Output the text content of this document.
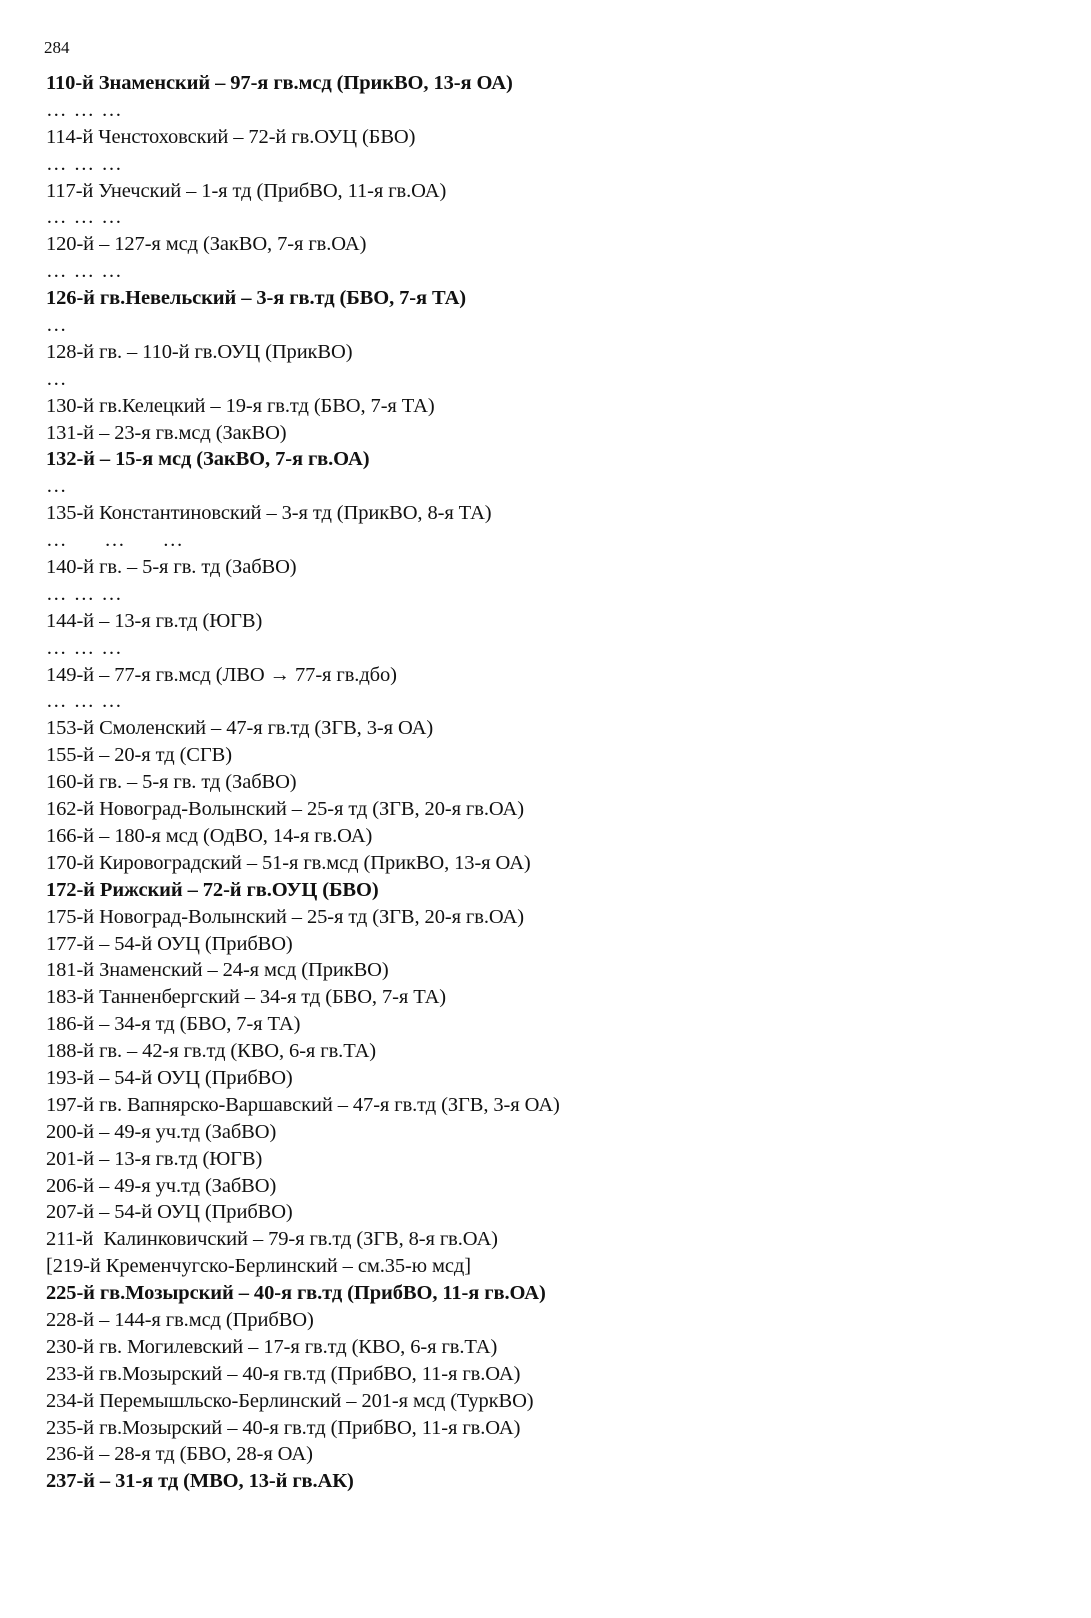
284
110-й Знаменский – 97-я гв.мсд (ПрикВО, 13-я ОА)
… … …
114-й Ченстоховский – 72-й гв.ОУЦ (БВО)
… … …
117-й Унечский – 1-я тд (ПрибВО, 11-я гв.ОА)
… … …
120-й – 127-я мсд (ЗакВО, 7-я гв.ОА)
… … …
126-й гв.Невельский – 3-я гв.тд (БВО, 7-я ТА)
…
128-й гв. – 110-й гв.ОУЦ (ПрикВО)
…
130-й гв.Келецкий – 19-я гв.тд (БВО, 7-я ТА)
131-й – 23-я гв.мсд (ЗакВО)
132-й – 15-я мсд (ЗакВО, 7-я гв.ОА)
…
135-й Константиновский – 3-я тд (ПрикВО, 8-я ТА)
…      …      …
140-й гв. – 5-я гв. тд (ЗабВО)
… … …
144-й – 13-я гв.тд (ЮГВ)
… … …
149-й – 77-я гв.мсд (ЛВО → 77-я гв.дбо)
… … …
153-й Смоленский – 47-я гв.тд (ЗГВ, 3-я ОА)
155-й – 20-я тд (СГВ)
160-й гв. – 5-я гв. тд (ЗабВО)
162-й Новоград-Волынский – 25-я тд (ЗГВ, 20-я гв.ОА)
166-й – 180-я мсд (ОдВО, 14-я гв.ОА)
170-й Кировоградский – 51-я гв.мсд (ПрикВО, 13-я ОА)
172-й Рижский – 72-й гв.ОУЦ (БВО)
175-й Новоград-Волынский – 25-я тд (ЗГВ, 20-я гв.ОА)
177-й – 54-й ОУЦ (ПрибВО)
181-й Знаменский – 24-я мсд (ПрикВО)
183-й Танненбергский – 34-я тд (БВО, 7-я ТА)
186-й – 34-я тд (БВО, 7-я ТА)
188-й гв. – 42-я гв.тд (КВО, 6-я гв.ТА)
193-й – 54-й ОУЦ (ПрибВО)
197-й гв. Вапнярско-Варшавский – 47-я гв.тд (ЗГВ, 3-я ОА)
200-й – 49-я уч.тд (ЗабВО)
201-й – 13-я гв.тд (ЮГВ)
206-й – 49-я уч.тд (ЗабВО)
207-й – 54-й ОУЦ (ПрибВО)
211-й  Калинковичский – 79-я гв.тд (ЗГВ, 8-я гв.ОА)
[219-й Кременчугско-Берлинский – см.35-ю мсд]
225-й гв.Мозырский – 40-я гв.тд (ПрибВО, 11-я гв.ОА)
228-й – 144-я гв.мсд (ПрибВО)
230-й гв. Могилевский – 17-я гв.тд (КВО, 6-я гв.ТА)
233-й гв.Мозырский – 40-я гв.тд (ПрибВО, 11-я гв.ОА)
234-й Перемышльско-Берлинский – 201-я мсд (ТуркВО)
235-й гв.Мозырский – 40-я гв.тд (ПрибВО, 11-я гв.ОА)
236-й – 28-я тд (БВО, 28-я ОА)
237-й – 31-я тд (МВО, 13-й гв.АК)
